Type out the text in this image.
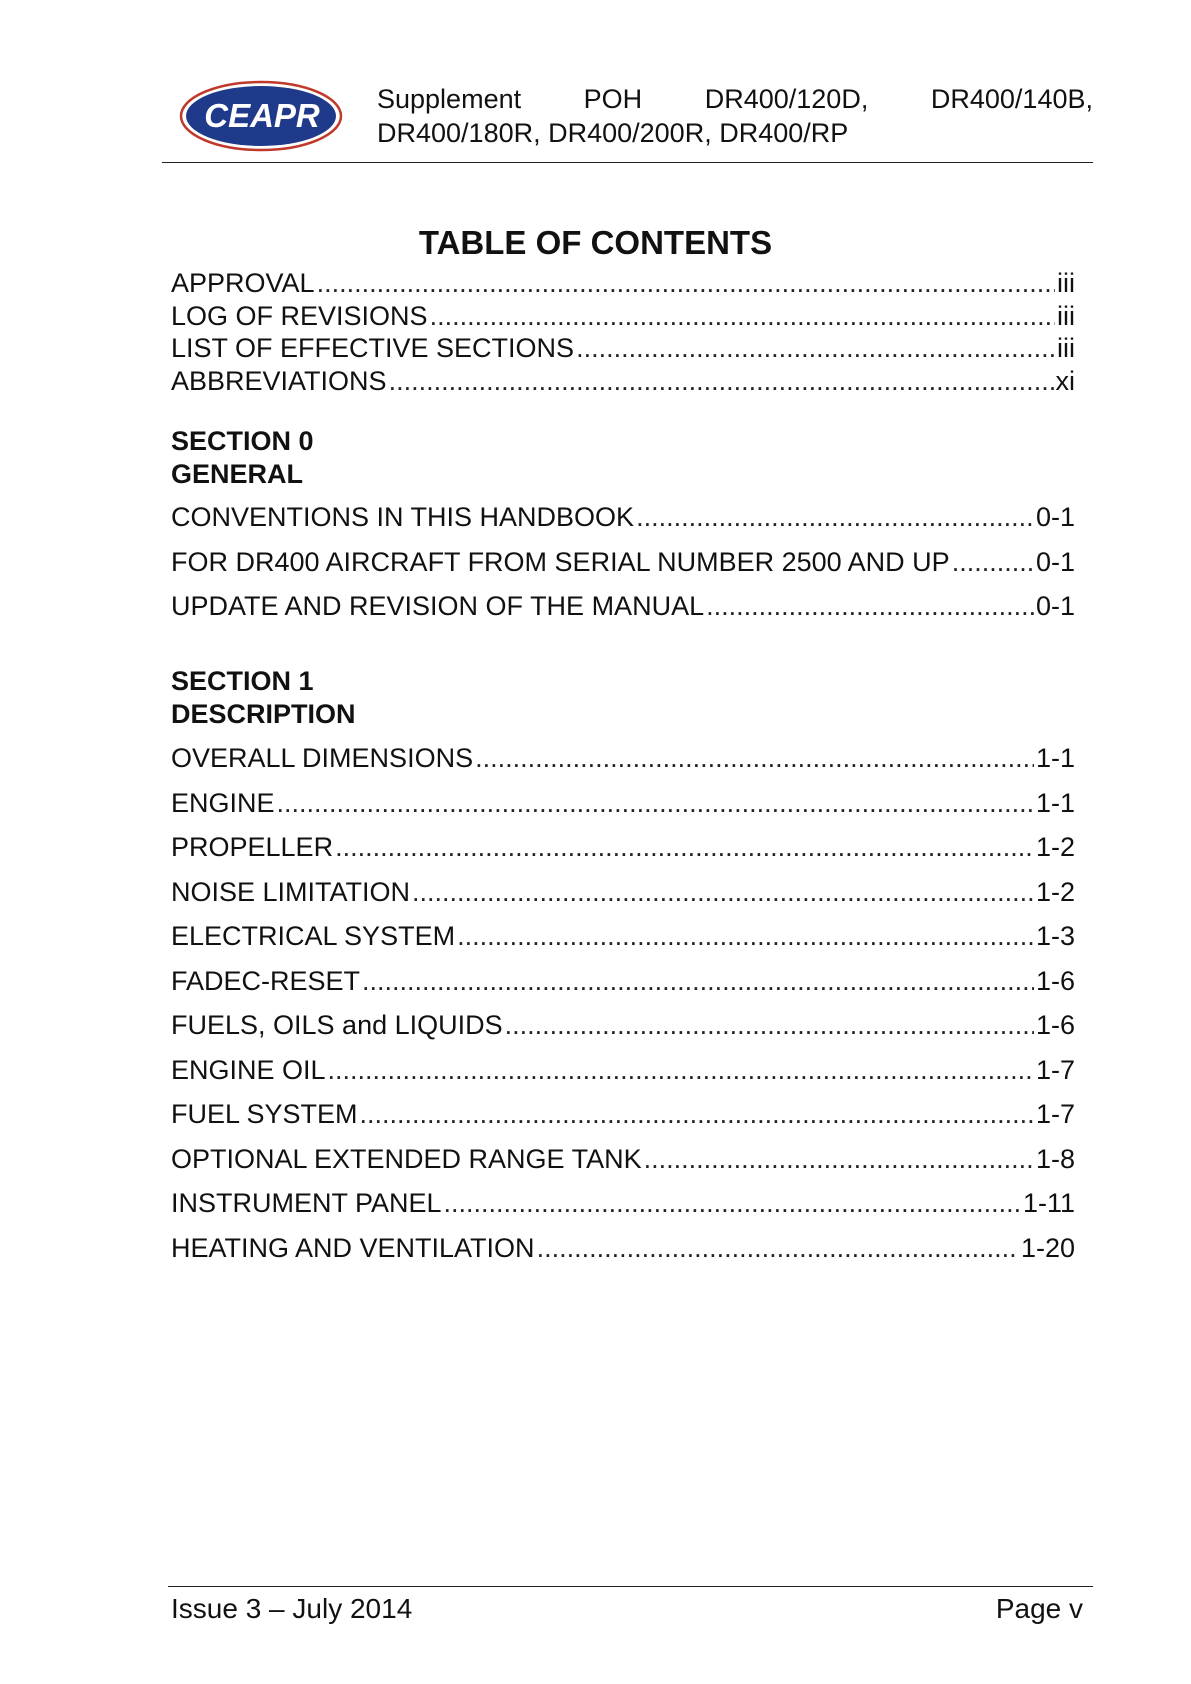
CEAPR Supplement POH DR400/120D, DR400/140B,
DR400/180R, DR400/200R, DR400/RP
TABLE OF CONTENTS
APPROVAL .....	iii
LOG OF REVISIONS .....	iii
LIST OF EFFECTIVE SECTIONS .....	iii
ABBREVIATIONS .....	xi
SECTION 0
GENERAL
CONVENTIONS IN THIS HANDBOOK .....	0-1
FOR DR400 AIRCRAFT FROM SERIAL NUMBER 2500 AND UP .....	0-1
UPDATE AND REVISION OF THE MANUAL .....	0-1
SECTION 1
DESCRIPTION
OVERALL DIMENSIONS .....	1-1
ENGINE .....	1-1
PROPELLER .....	1-2
NOISE LIMITATION .....	1-2
ELECTRICAL SYSTEM .....	1-3
FADEC-RESET .....	1-6
FUELS, OILS and LIQUIDS .....	1-6
ENGINE OIL .....	1-7
FUEL SYSTEM .....	1-7
OPTIONAL EXTENDED RANGE TANK .....	1-8
INSTRUMENT PANEL .....	1-11
HEATING AND VENTILATION .....	1-20
Issue 3 – July 2014	Page v
